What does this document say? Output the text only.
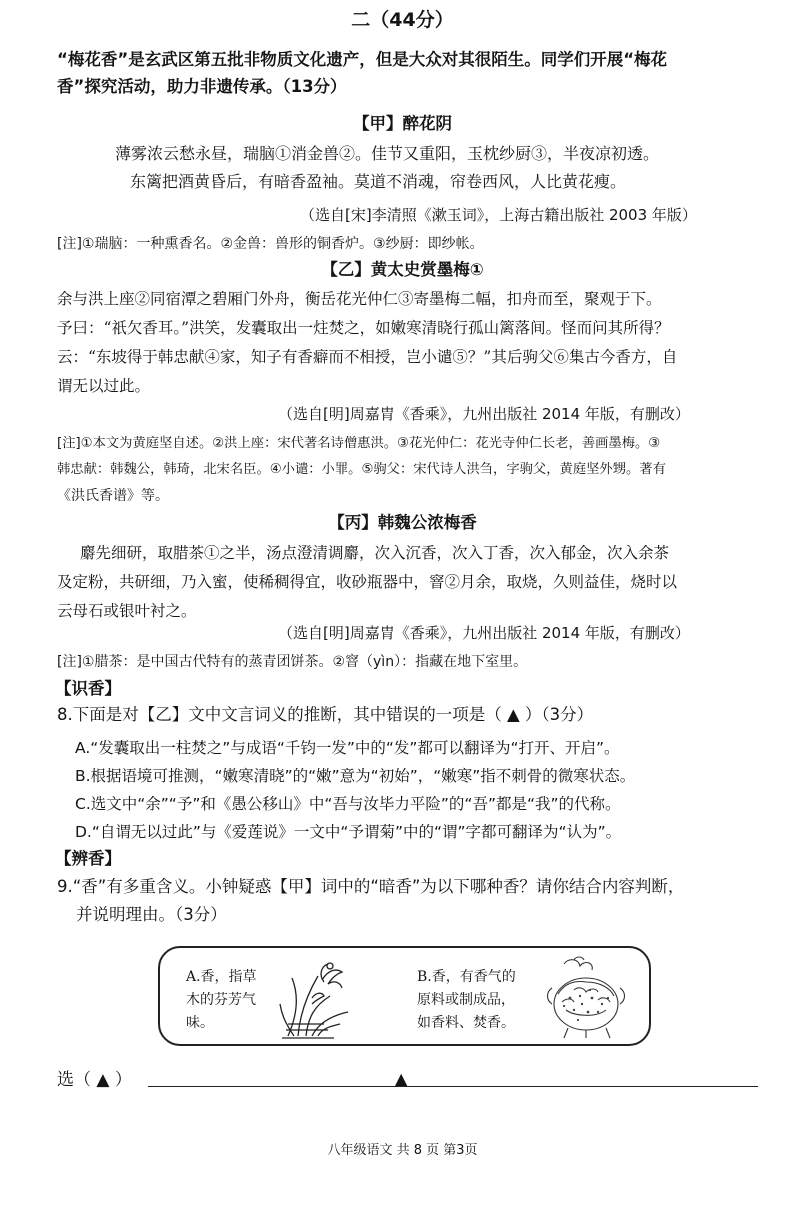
二（44分）
“梅花香”是玄武区第五批非物质文化遗产，但是大众对其很陌生。同学们开展“梅花
香”探究活动，助力非遗传承。（13分）
【甲】醉花阴
薄雾浓云愁永昼，瑞脑①消金兽②。佳节又重阳，玉枕纱厨③，半夜凉初透。
东篱把酒黄昏后，有暗香盈袖。莫道不消魂，帘卷西风，人比黄花瘦。
（选自[宋]李清照《漱玉词》，上海古籍出版社 2003 年版）
[注]①瑞脑：一种熏香名。②金兽：兽形的铜香炉。③纱厨：即纱帐。
【乙】黄太史赏墨梅①
余与洪上座②同宿潭之碧厢门外舟，衡岳花光仲仁③寄墨梅二幅，扣舟而至，聚观于下。
予曰：“祇欠香耳。”洪笑，发囊取出一炷焚之，如嫩寒清晓行孤山篱落间。怪而问其所得？
云：“东坡得于韩忠献④家，知子有香癖而不相授，岂小谴⑤？”其后驹父⑥集古今香方，自
谓无以过此。
（选自[明]周嘉胄《香乘》，九州出版社 2014 年版，有删改）
[注]①本文为黄庭坚自述。②洪上座：宋代著名诗僧惠洪。③花光仲仁：花光寺仲仁长老，善画墨梅。③
韩忠献：韩魏公，韩琦，北宋名臣。④小谴：小罪。⑤驹父：宋代诗人洪刍，字驹父，黄庭坚外甥。著有
《洪氏香谱》等。
【丙】韩魏公浓梅香
麝先细研，取腊茶①之半，汤点澄清调麝，次入沉香，次入丁香，次入郁金，次入余茶
及定粉，共研细，乃入蜜，使稀稠得宜，收砂瓶器中，窨②月余，取烧，久则益佳，烧时以
云母石或银叶衬之。
（选自[明]周嘉胄《香乘》，九州出版社 2014 年版，有删改）
[注]①腊茶：是中国古代特有的蒸青团饼茶。②窨（yìn）：指藏在地下室里。
【识香】
8.下面是对【乙】文中文言词义的推断，其中错误的一项是（ ▲ ）（3分）
A.“发囊取出一柱焚之”与成语“千钧一发”中的“发”都可以翻译为“打开、开启”。
B.根据语境可推测，“嫩寒清晓”的“嫩”意为“初始”，“嫩寒”指不刺骨的微寒状态。
C.选文中“余”“予”和《愚公移山》中“吾与汝毕力平险”的“吾”都是“我”的代称。
D.“自谓无以过此”与《爱莲说》一文中“予谓菊”中的“谓”字都可翻译为“认为”。
【辨香】
9.“香”有多重含义。小钟疑惑【甲】词中的“暗香”为以下哪种香？请你结合内容判断，
并说明理由。（3分）
A.香，指草
木的芬芳气
味。
B.香，有香气的
原料或制成品，
如香料、焚香。
选（ ▲ ）	▲
八年级语文 共 8 页 第3页
